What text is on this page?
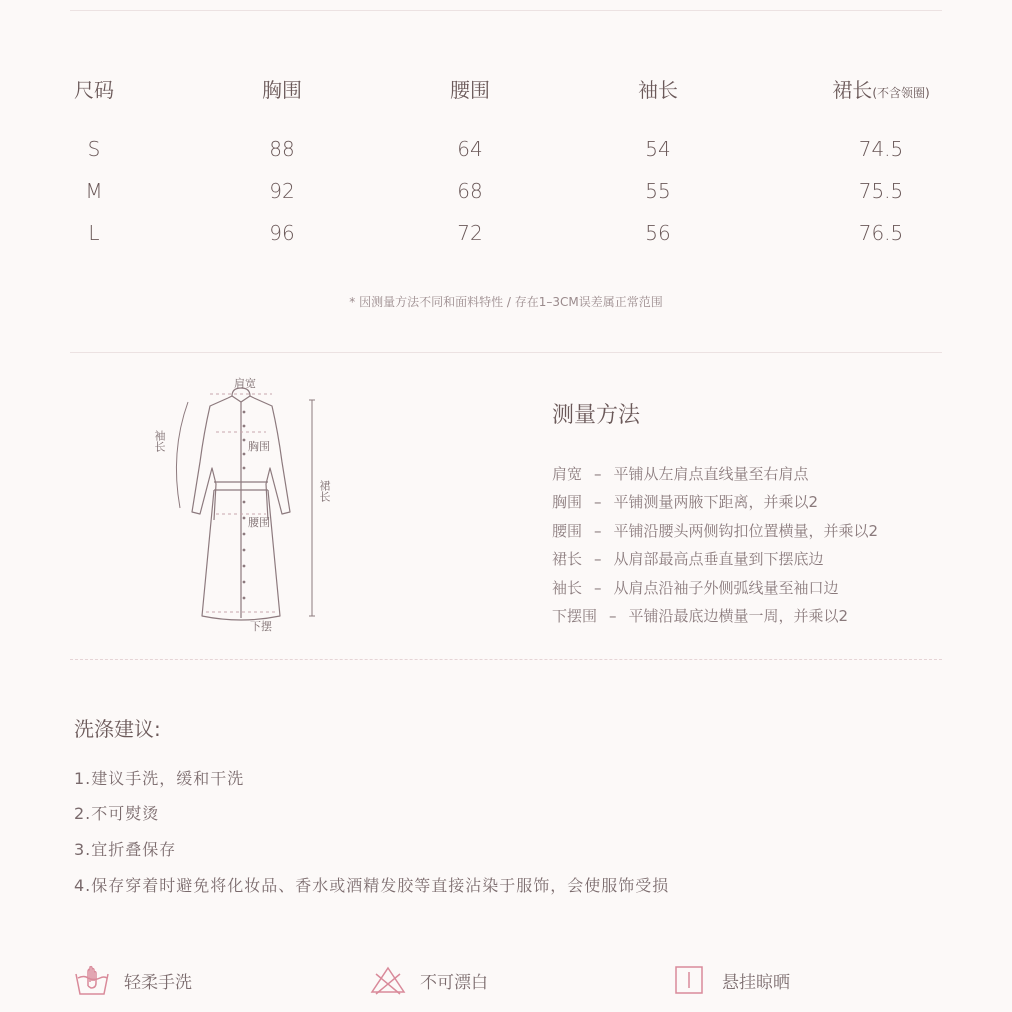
尺码	胸围	腰围	袖长	裙长(不含领圈)
S	88	64	54	74.5
M	92	68	55	75.5
L	96	72	56	76.5
* 因测量方法不同和面料特性 / 存在1–3CM误差属正常范围
肩宽
袖长	胸围
裙长
腰围
下摆
测量方法
肩宽 – 平铺从左肩点直线量至右肩点
胸围 – 平铺测量两腋下距离，并乘以2
腰围 – 平铺沿腰头两侧钩扣位置横量，并乘以2
裙长 – 从肩部最高点垂直量到下摆底边
袖长 – 从肩点沿袖子外侧弧线量至袖口边
下摆围 – 平铺沿最底边横量一周，并乘以2
洗涤建议:
1.建议手洗，缓和干洗
2.不可熨烫
3.宜折叠保存
4.保存穿着时避免将化妆品、香水或酒精发胶等直接沾染于服饰，会使服饰受损
轻柔手洗	不可漂白	悬挂晾晒
